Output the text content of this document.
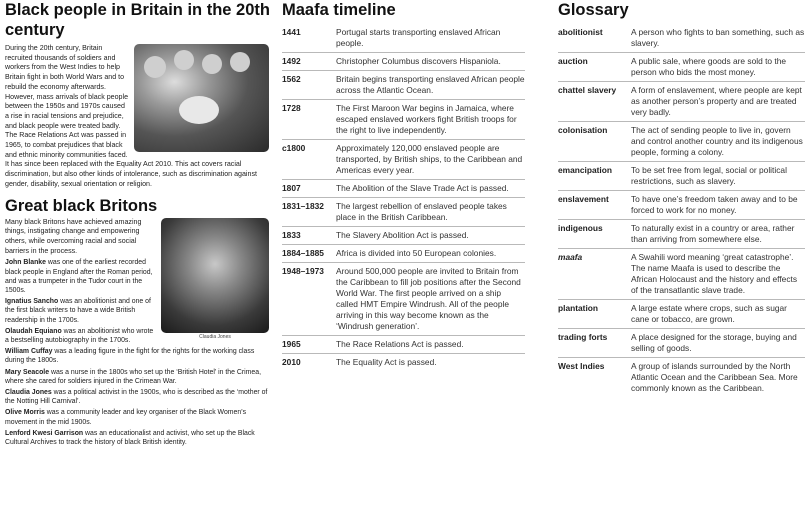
Black people in Britain in the 20th century

During the 20th century, Britain recruited thousands of soldiers and workers from the West Indies to help Britain fight in both World Wars and to rebuild the economy afterwards. However, mass arrivals of black people between the 1950s and 1970s caused a rise in racial tensions and prejudice, and black people were treated badly. The Race Relations Act was passed in 1965, to combat prejudices that black and ethnic minority communities faced. It has since been replaced with the Equality Act 2010. This act covers racial discrimination, but also other kinds of intolerance, such as discrimination against gender, disability, sexual orientation or religion.

Great black Britons
Claudia Jones

Many black Britons have achieved amazing things, instigating change and empowering others, while overcoming racial and social barriers in the process.

John Blanke was one of the earliest recorded black people in England after the Roman period, and was a trumpeter in the Tudor court in the 1500s.

Ignatius Sancho was an abolitionist and one of the first black writers to have a wide British readership in the 1700s.

Olaudah Equiano was an abolitionist who wrote a bestselling autobiography in the 1700s.

William Cuffay was a leading figure in the fight for the rights for the working class during the 1800s.

Mary Seacole was a nurse in the 1800s who set up the ‘British Hotel’ in the Crimea, where she cared for soldiers injured in the Crimean War.

Claudia Jones was a political activist in the 1900s, who is described as the ‘mother of the Notting Hill Carnival’.

Olive Morris was a community leader and key organiser of the Black Women’s movement in the mid 1900s.

Lenford Kwesi Garrison was an educationalist and activist, who set up the Black Cultural Archives to track the history of black British identity.

Maafa timeline
1441	Portugal starts transporting enslaved African people.
1492	Christopher Columbus discovers Hispaniola.
1562	Britain begins transporting enslaved African people across the Atlantic Ocean.
1728	The First Maroon War begins in Jamaica, where escaped enslaved workers fight British troops for the right to live independently.
c1800	Approximately 120,000 enslaved people are transported, by British ships, to the Caribbean and Americas every year.
1807	The Abolition of the Slave Trade Act is passed.
1831–1832	The largest rebellion of enslaved people takes place in the British Caribbean.
1833	The Slavery Abolition Act is passed.
1884–1885	Africa is divided into 50 European colonies.
1948–1973	Around 500,000 people are invited to Britain from the Caribbean to fill job positions after the Second World War. The first people arrived on a ship called HMT Empire Windrush. All of the people arriving in this way become known as the ‘Windrush generation’.
1965	The Race Relations Act is passed.
2010	The Equality Act is passed.
Glossary
abolitionist	A person who fights to ban something, such as slavery.
auction	A public sale, where goods are sold to the person who bids the most money.
chattel slavery	A form of enslavement, where people are kept as another person’s property and are treated very badly.
colonisation	The act of sending people to live in, govern and control another country and its indigenous people, forming a colony.
emancipation	To be set free from legal, social or political restrictions, such as slavery.
enslavement	To have one’s freedom taken away and to be forced to work for no money.
indigenous	To naturally exist in a country or area, rather than arriving from somewhere else.
maafa	A Swahili word meaning ‘great catastrophe’. The name Maafa is used to describe the African Holocaust and the history and effects of the transatlantic slave trade.
plantation	A large estate where crops, such as sugar cane or tobacco, are grown.
trading forts	A place designed for the storage, buying and selling of goods.
West Indies	A group of islands surrounded by the North Atlantic Ocean and the Caribbean Sea. More commonly known as the Caribbean.
